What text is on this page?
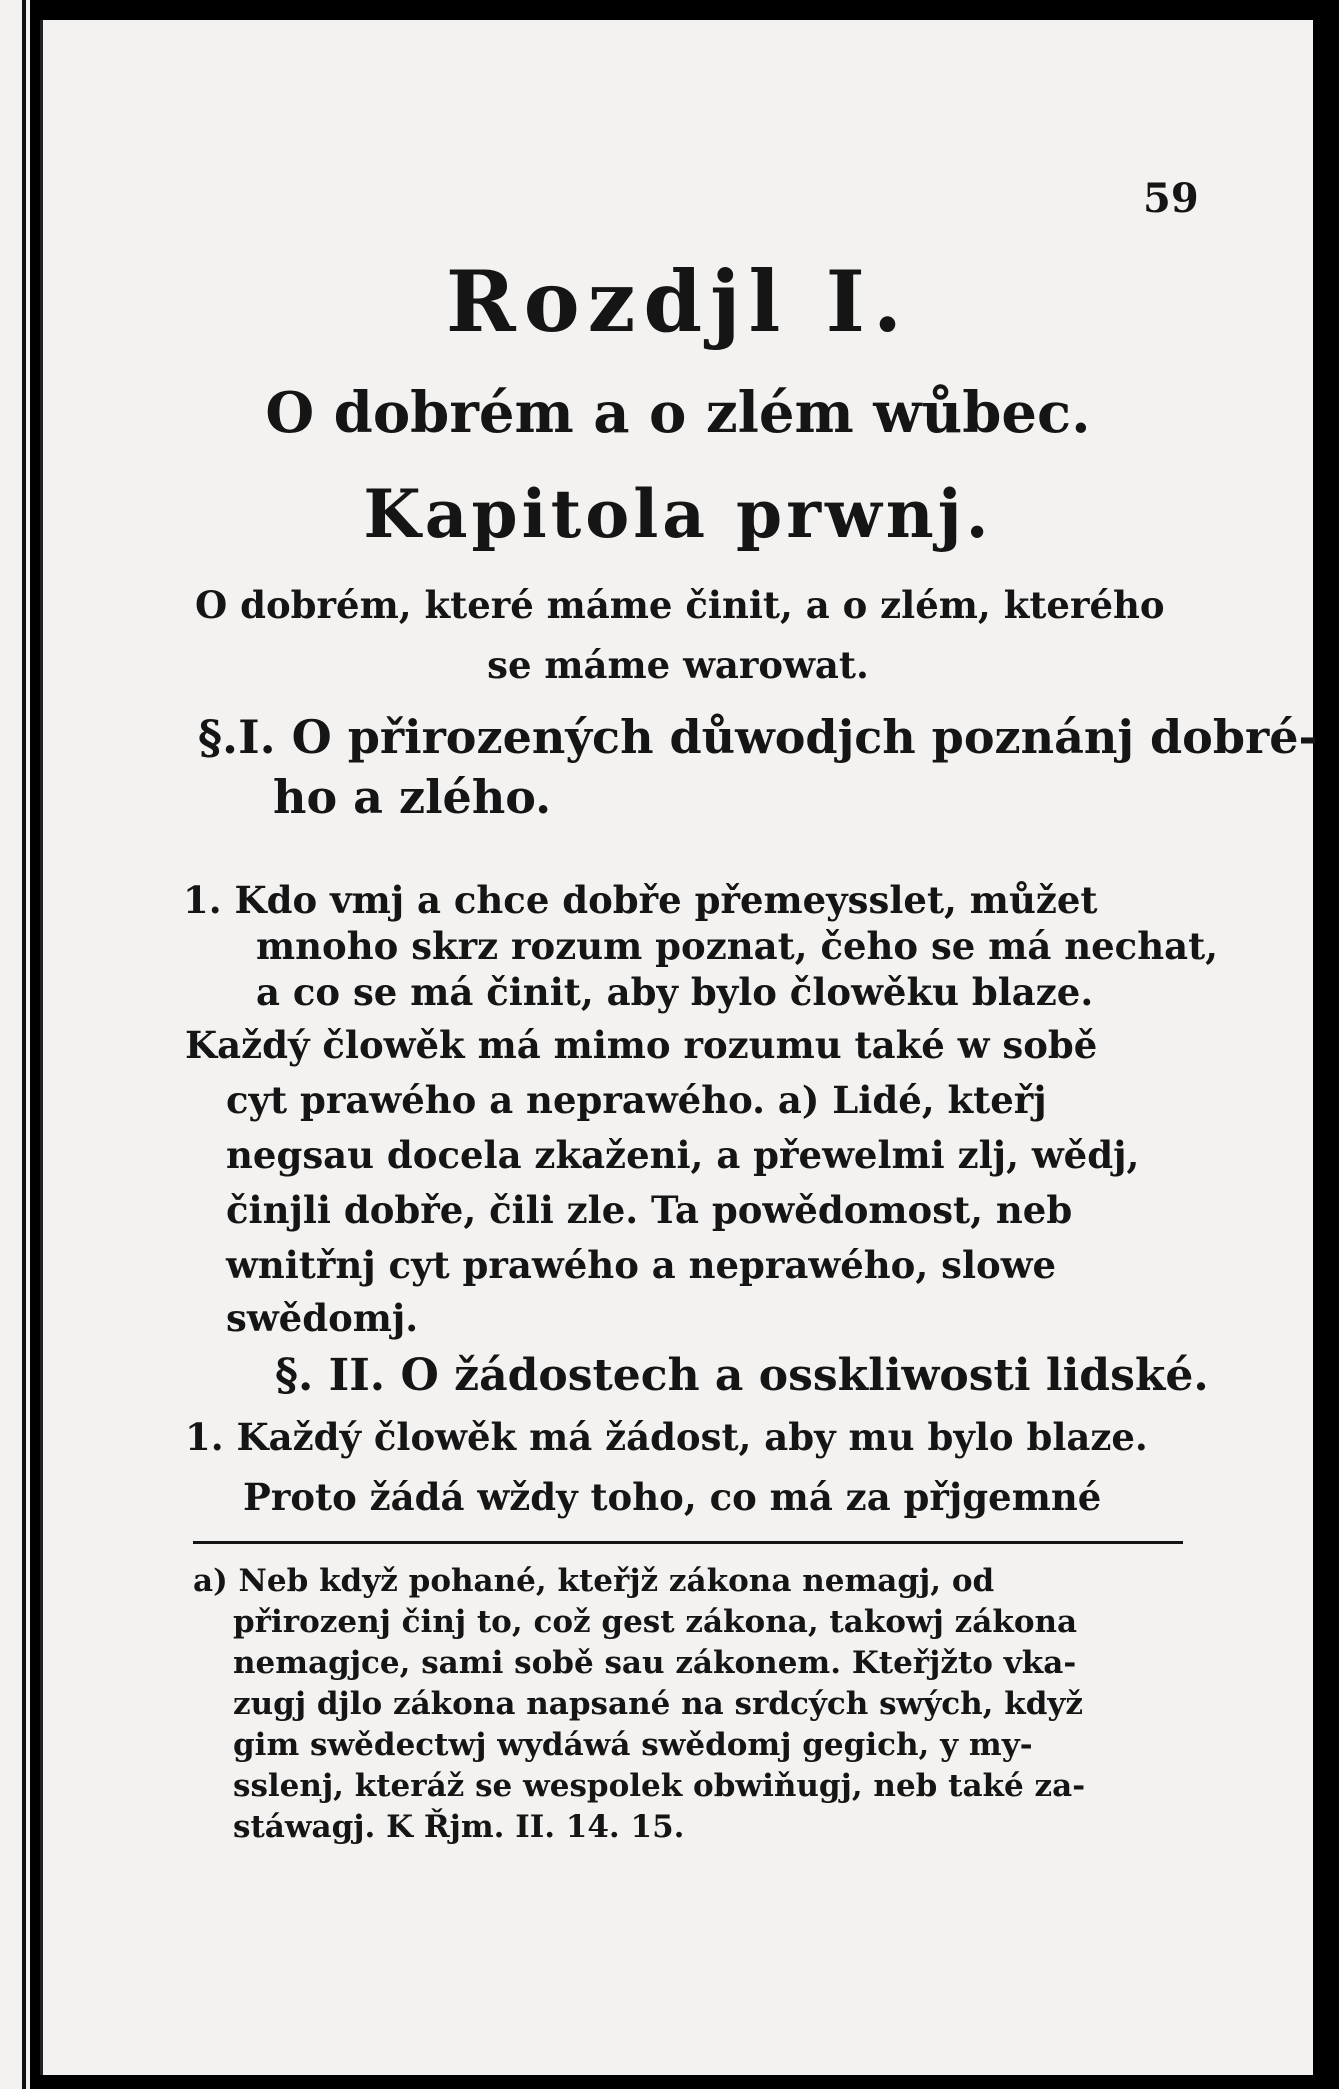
59

Rozdjl I.

O dobrém a o zlém wůbec.

Kapitola prwnj.

O dobrém, které máme činit, a o zlém, kterého

se máme warowat.

§.I. O přirozených důwodjch poznánj dobré-

ho a zlého.

1. Kdo vmj a chce dobře přemeysslet, můžet

mnoho skrz rozum poznat, čeho se má nechat,

a co se má činit, aby bylo člowěku blaze.

Každý člowěk má mimo rozumu také w sobě

cyt prawého a neprawého. a) Lidé, kteřj

negsau docela zkaženi, a přewelmi zlj, wědj,

činjli dobře, čili zle. Ta powědomost, neb

wnitřnj cyt prawého a neprawého, slowe

swědomj.

§. II. O žádostech a osskliwosti lidské.

1. Každý člowěk má žádost, aby mu bylo blaze.

Proto žádá wždy toho, co má za přjgemné

a) Neb když pohané, kteřjž zákona nemagj, od

přirozenj činj to, což gest zákona, takowj zákona

nemagjce, sami sobě sau zákonem. Kteřjžto vka-

zugj djlo zákona napsané na srdcých swých, když

gim swědectwj wydáwá swědomj gegich, y my-

sslenj, kteráž se wespolek obwiňugj, neb také za-

stáwagj. K Řjm. II. 14. 15.
